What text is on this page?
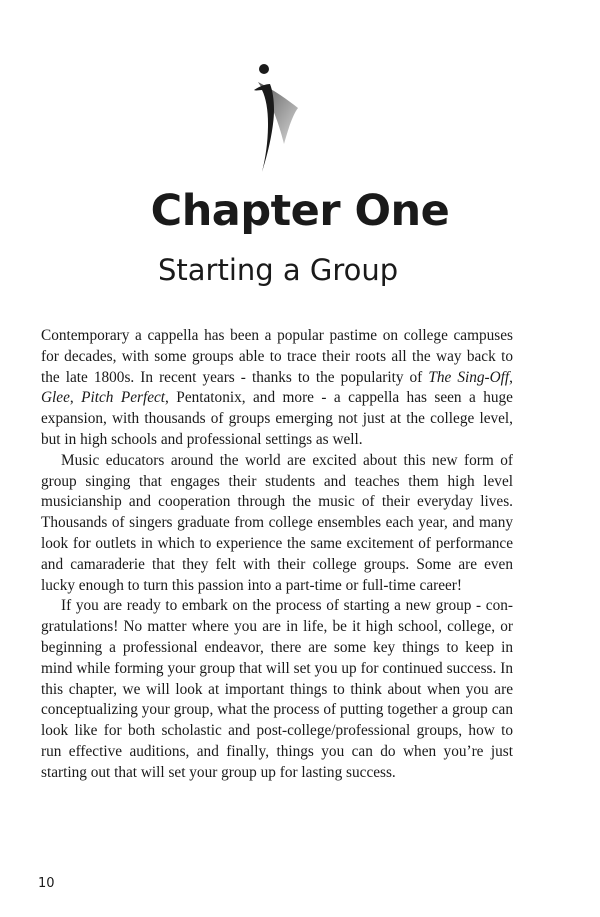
Chapter One
Starting a Group

Contemporary a cappella has been a popular pastime on college campuses for decades, with some groups able to trace their roots all the way back to the late 1800s. In recent years - thanks to the popularity of The Sing-Off, Glee, Pitch Perfect, Pentatonix, and more - a cappella has seen a huge expansion, with thousands of groups emerging not just at the college level, but in high schools and professional settings as well.

Music educators around the world are excited about this new form of group singing that engages their students and teaches them high level musicianship and cooperation through the music of their everyday lives. Thousands of singers graduate from college ensembles each year, and many look for outlets in which to experience the same excitement of performance and camaraderie that they felt with their college groups. Some are even lucky enough to turn this passion into a part-time or full-time career!

If you are ready to embark on the process of starting a new group - congratulations! No matter where you are in life, be it high school, college, or beginning a professional endeavor, there are some key things to keep in mind while forming your group that will set you up for continued success. In this chapter, we will look at important things to think about when you are conceptualizing your group, what the process of putting together a group can look like for both scholastic and post-college/professional groups, how to run effective auditions, and finally, things you can do when you’re just starting out that will set your group up for lasting success.

10
